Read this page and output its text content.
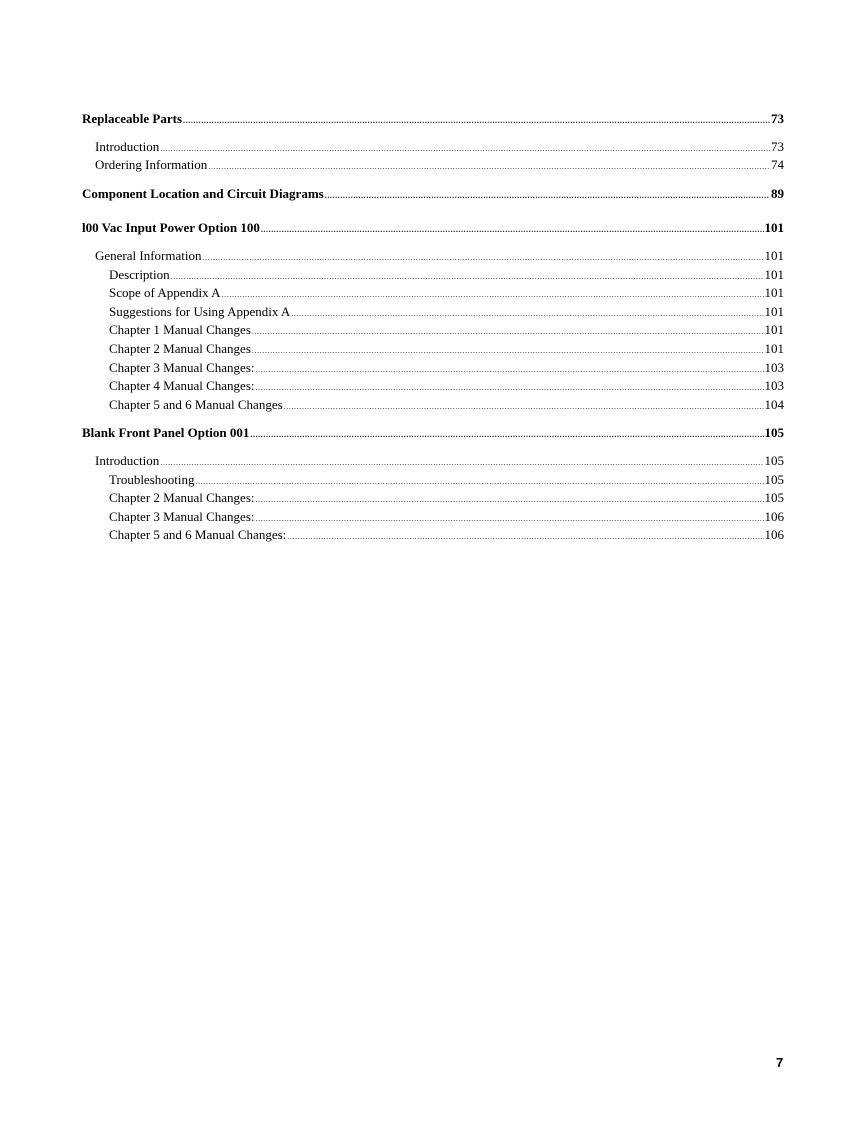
Replaceable Parts .....	73
Introduction .....	73
Ordering Information .....	74
Component Location and Circuit Diagrams .....	89
l00 Vac Input Power Option 100 .....	101
General Information .....	101
Description .....	101
Scope of Appendix A .....	101
Suggestions for Using Appendix A .....	101
Chapter 1 Manual Changes .....	101
Chapter 2 Manual Changes .....	101
Chapter 3 Manual Changes: .....	103
Chapter 4 Manual Changes: .....	103
Chapter 5 and 6 Manual Changes .....	104
Blank Front Panel Option 001 .....	105
Introduction .....	105
Troubleshooting .....	105
Chapter 2 Manual Changes: .....	105
Chapter 3 Manual Changes: .....	106
Chapter 5 and 6 Manual Changes: .....	106
7
